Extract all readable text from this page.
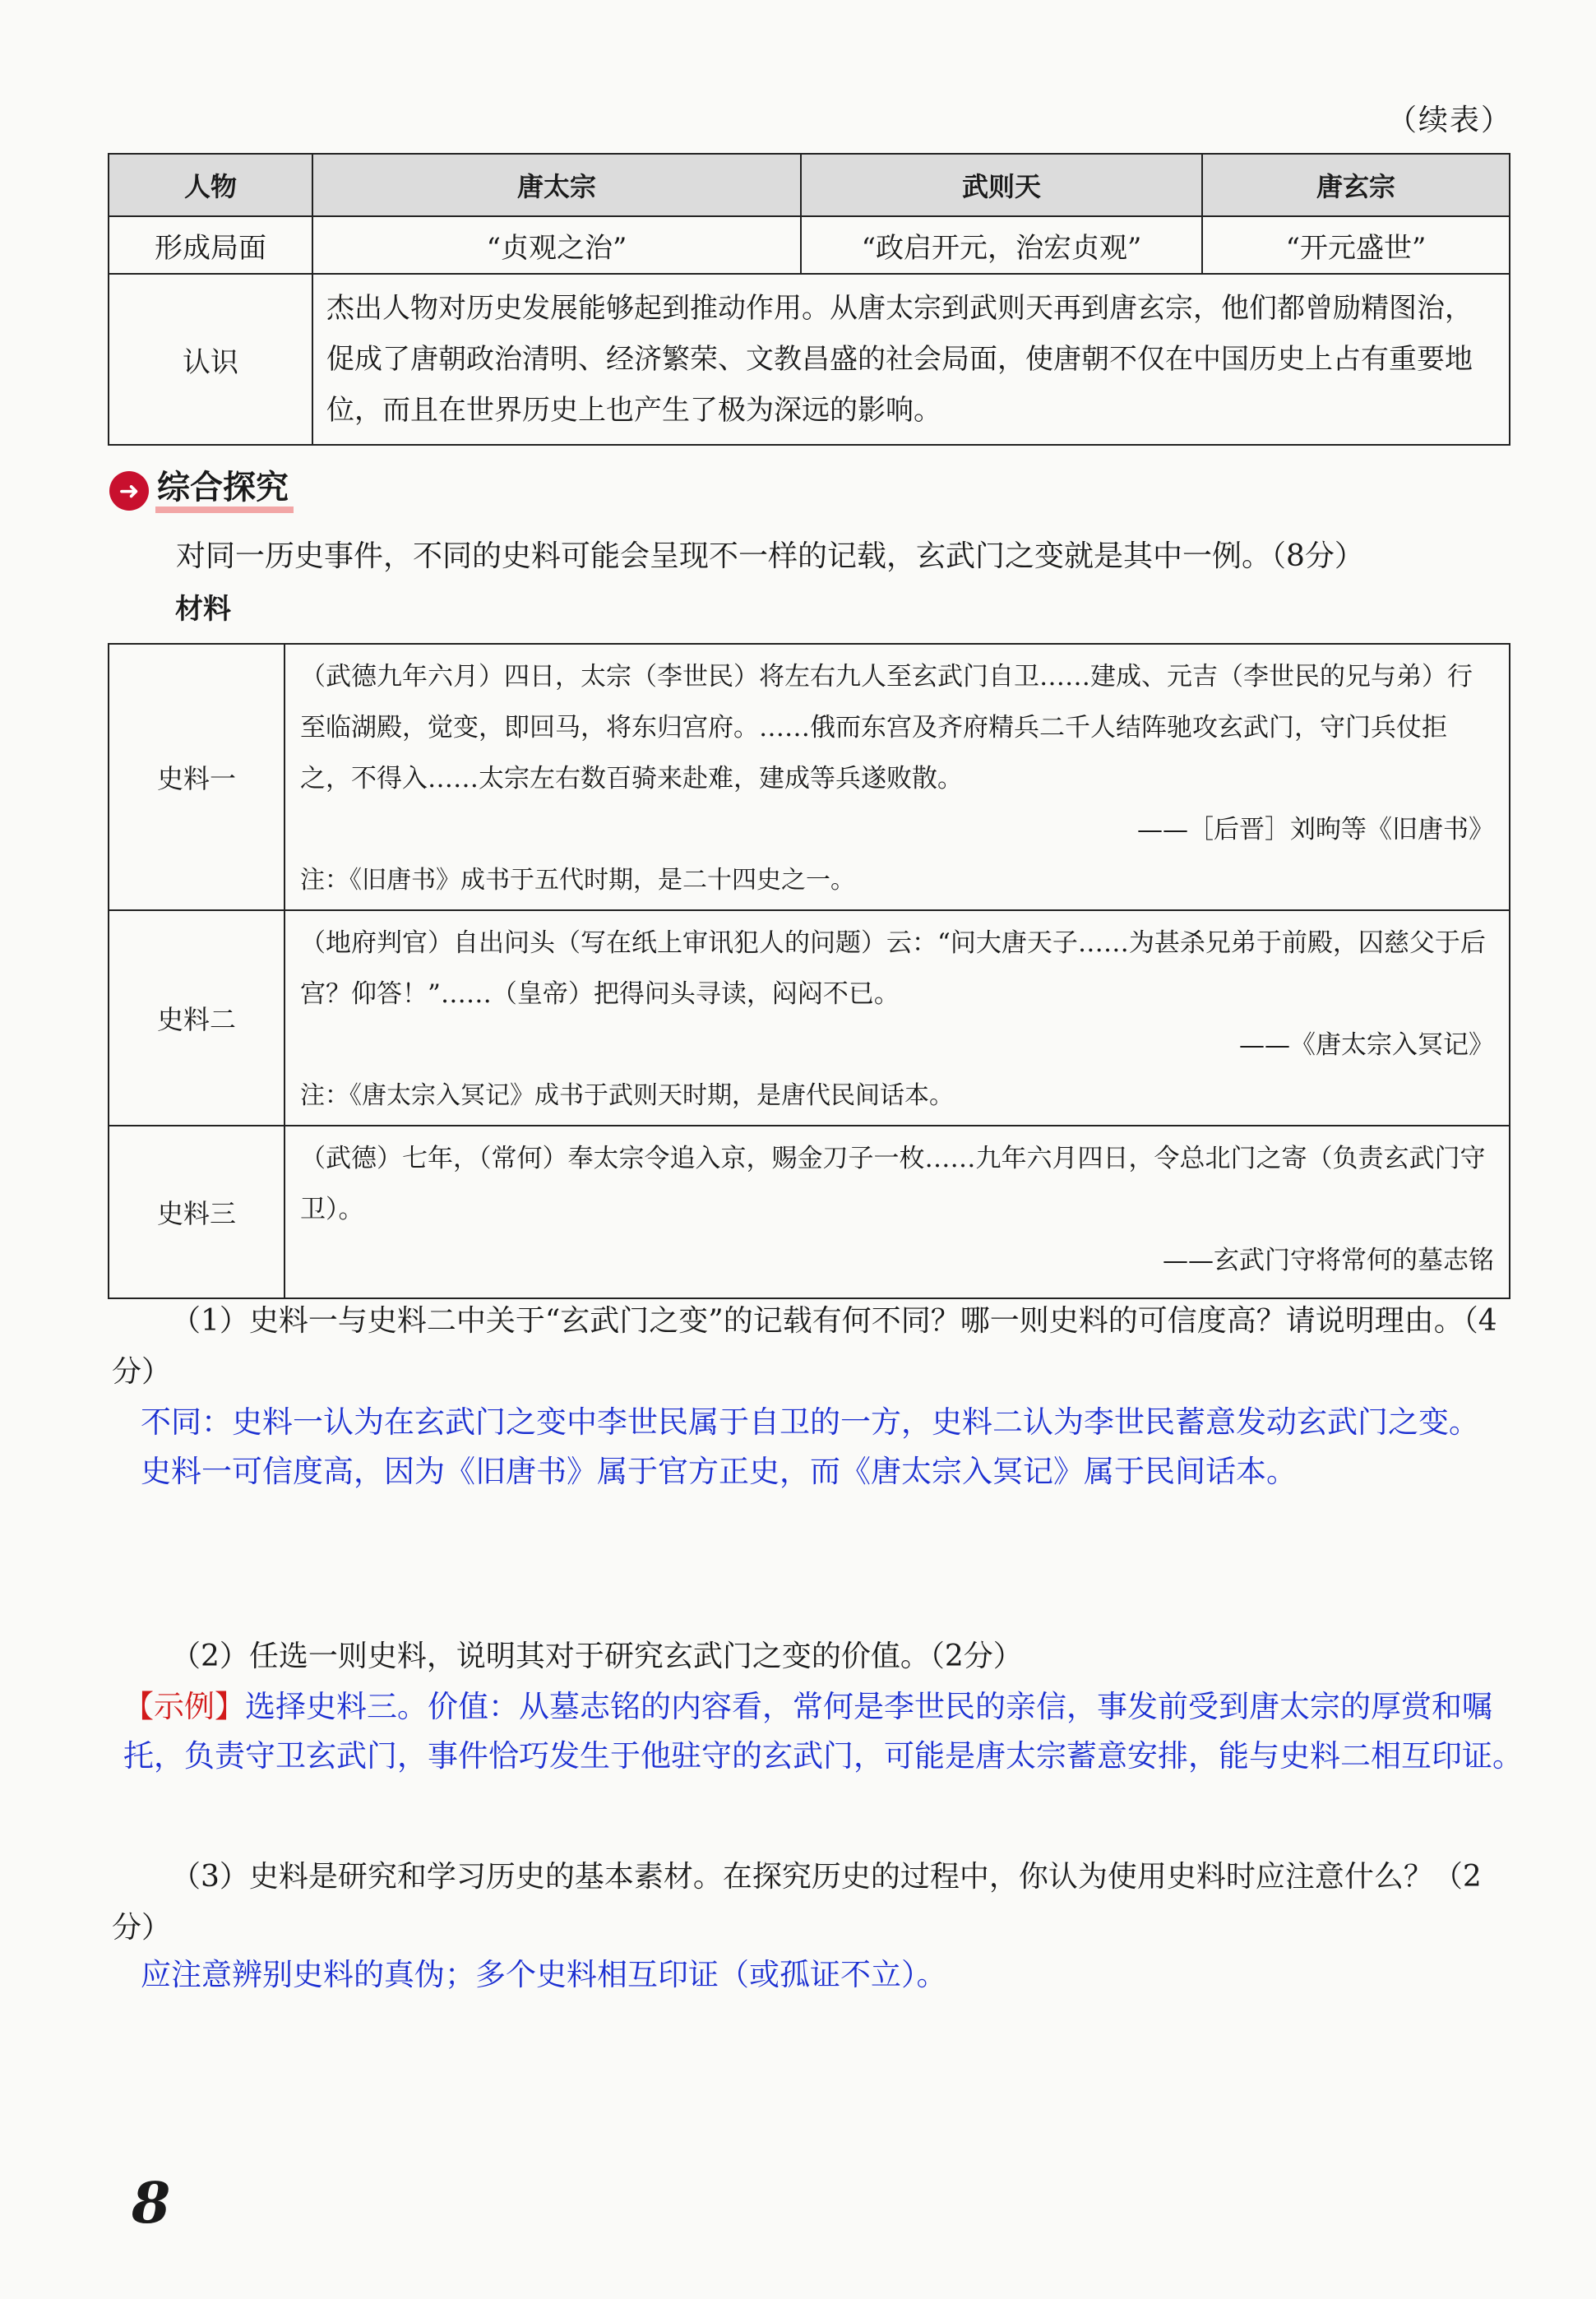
（续表）
人物	唐太宗	武则天	唐玄宗
形成局面	“贞观之治”	“政启开元，治宏贞观”	“开元盛世”
认识	杰出人物对历史发展能够起到推动作用。从唐太宗到武则天再到唐玄宗，他们都曾励精图治，促成了唐朝政治清明、经济繁荣、文教昌盛的社会局面，使唐朝不仅在中国历史上占有重要地位，而且在世界历史上也产生了极为深远的影响。		
➜ 综合探究
对同一历史事件，不同的史料可能会呈现不一样的记载，玄武门之变就是其中一例。（8分）
材料
史料一	（武德九年六月）四日，太宗（李世民）将左右九人至玄武门自卫……建成、元吉（李世民的兄与弟）行至临湖殿，觉变，即回马，将东归宫府。……俄而东宫及齐府精兵二千人结阵驰攻玄武门，守门兵仗拒之，不得入……太宗左右数百骑来赴难，建成等兵遂败散。
——［后晋］刘昫等《旧唐书》
注：《旧唐书》成书于五代时期，是二十四史之一。

史料二	（地府判官）自出问头（写在纸上审讯犯人的问题）云：“问大唐天子……为甚杀兄弟于前殿，囚慈父于后宫？仰答！”……（皇帝）把得问头寻读，闷闷不已。
——《唐太宗入冥记》
注：《唐太宗入冥记》成书于武则天时期，是唐代民间话本。

史料三	（武德）七年，（常何）奉太宗令追入京，赐金刀子一枚……九年六月四日，令总北门之寄（负责玄武门守卫）。
——玄武门守将常何的墓志铭
（1）史料一与史料二中关于“玄武门之变”的记载有何不同？哪一则史料的可信度高？请说明理由。（4分）
不同：史料一认为在玄武门之变中李世民属于自卫的一方，史料二认为李世民蓄意发动玄武门之变。
史料一可信度高，因为《旧唐书》属于官方正史，而《唐太宗入冥记》属于民间话本。
（2）任选一则史料，说明其对于研究玄武门之变的价值。（2分）
【示例】选择史料三。价值：从墓志铭的内容看，常何是李世民的亲信，事发前受到唐太宗的厚赏和嘱托，负责守卫玄武门，事件恰巧发生于他驻守的玄武门，可能是唐太宗蓄意安排，能与史料二相互印证。
（3）史料是研究和学习历史的基本素材。在探究历史的过程中，你认为使用史料时应注意什么？（2分）
应注意辨别史料的真伪；多个史料相互印证（或孤证不立）。
8
